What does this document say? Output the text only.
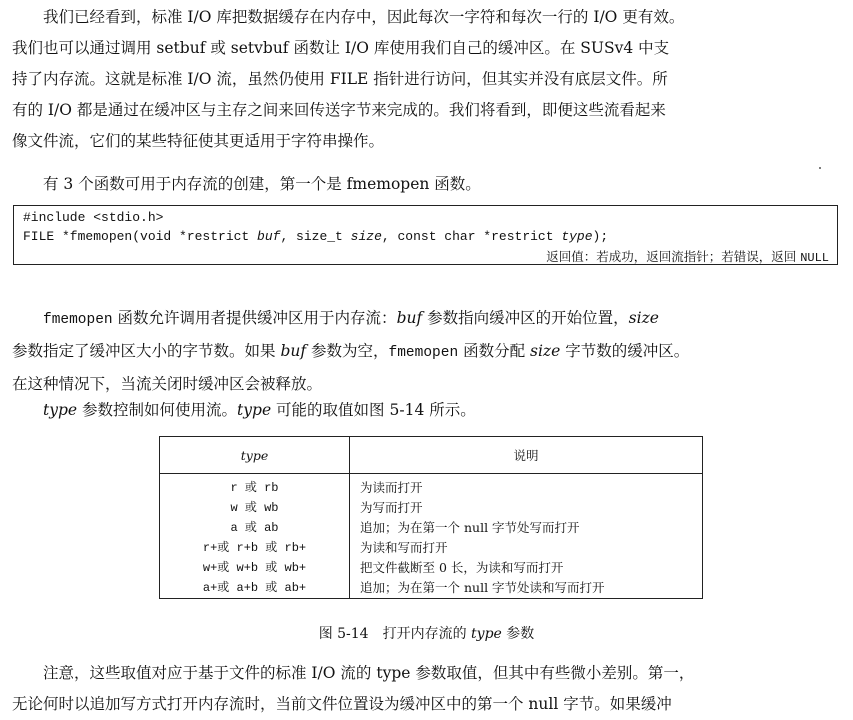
我们已经看到，标准 I/O 库把数据缓存在内存中，因此每次一字符和每次一行的 I/O 更有效。
我们也可以通过调用 setbuf 或 setvbuf 函数让 I/O 库使用我们自己的缓冲区。在 SUSv4 中支
持了内存流。这就是标准 I/O 流，虽然仍使用 FILE 指针进行访问，但其实并没有底层文件。所
有的 I/O 都是通过在缓冲区与主存之间来回传送字节来完成的。我们将看到，即便这些流看起来
像文件流，它们的某些特征使其更适用于字符串操作。
有 3 个函数可用于内存流的创建，第一个是 fmemopen 函数。
#include <stdio.h>
FILE *fmemopen(void *restrict buf, size_t size, const char *restrict type);
返回值：若成功，返回流指针；若错误，返回 NULL
fmemopen 函数允许调用者提供缓冲区用于内存流：buf 参数指向缓冲区的开始位置，size
参数指定了缓冲区大小的字节数。如果 buf 参数为空，fmemopen 函数分配 size 字节数的缓冲区。
在这种情况下，当流关闭时缓冲区会被释放。
type 参数控制如何使用流。type 可能的取值如图 5-14 所示。
type	说明
r 或 rb	为读而打开
w 或 wb	为写而打开
a 或 ab	追加；为在第一个 null 字节处写而打开
r+或 r+b 或 rb+	为读和写而打开
w+或 w+b 或 wb+	把文件截断至 0 长，为读和写而打开
a+或 a+b 或 ab+	追加；为在第一个 null 字节处读和写而打开
图 5-14　打开内存流的 type 参数
注意，这些取值对应于基于文件的标准 I/O 流的 type 参数取值，但其中有些微小差别。第一，
无论何时以追加写方式打开内存流时，当前文件位置设为缓冲区中的第一个 null 字节。如果缓冲
